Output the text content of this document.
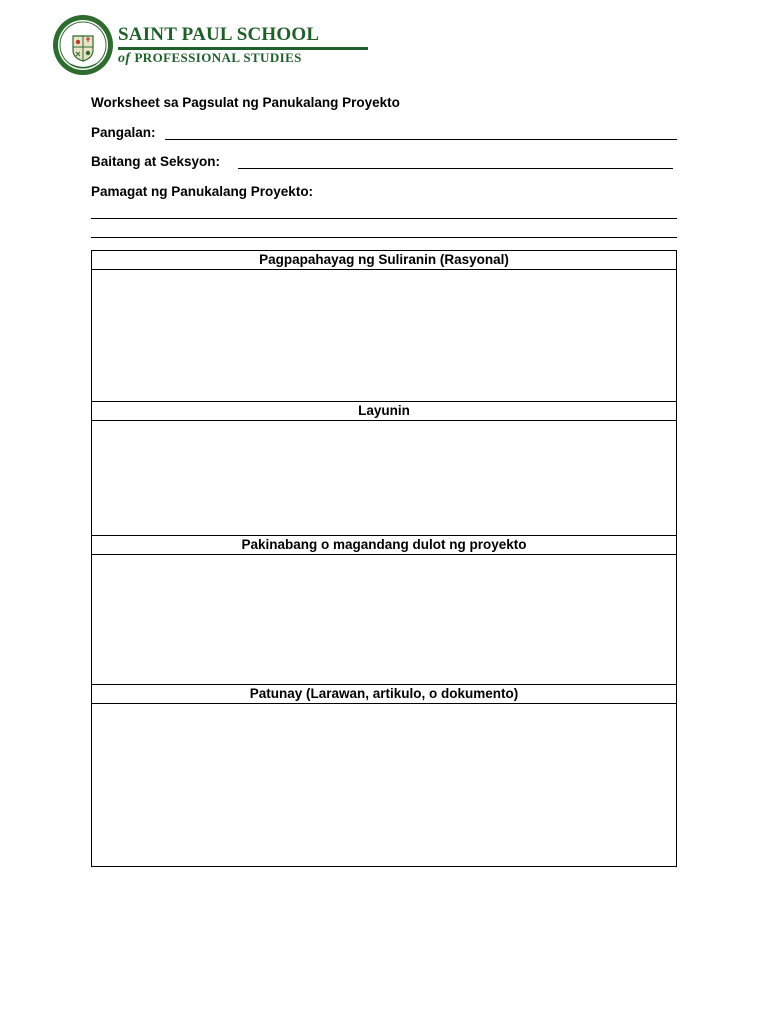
SAINT PAUL SCHOOL
of PROFESSIONAL STUDIES
Worksheet sa Pagsulat ng Panukalang Proyekto
Pangalan:
Baitang at Seksyon:
Pamagat ng Panukalang Proyekto:
Pagpapahayag ng Suliranin (Rasyonal)
Layunin
Pakinabang o magandang dulot ng proyekto
Patunay (Larawan, artikulo, o dokumento)
